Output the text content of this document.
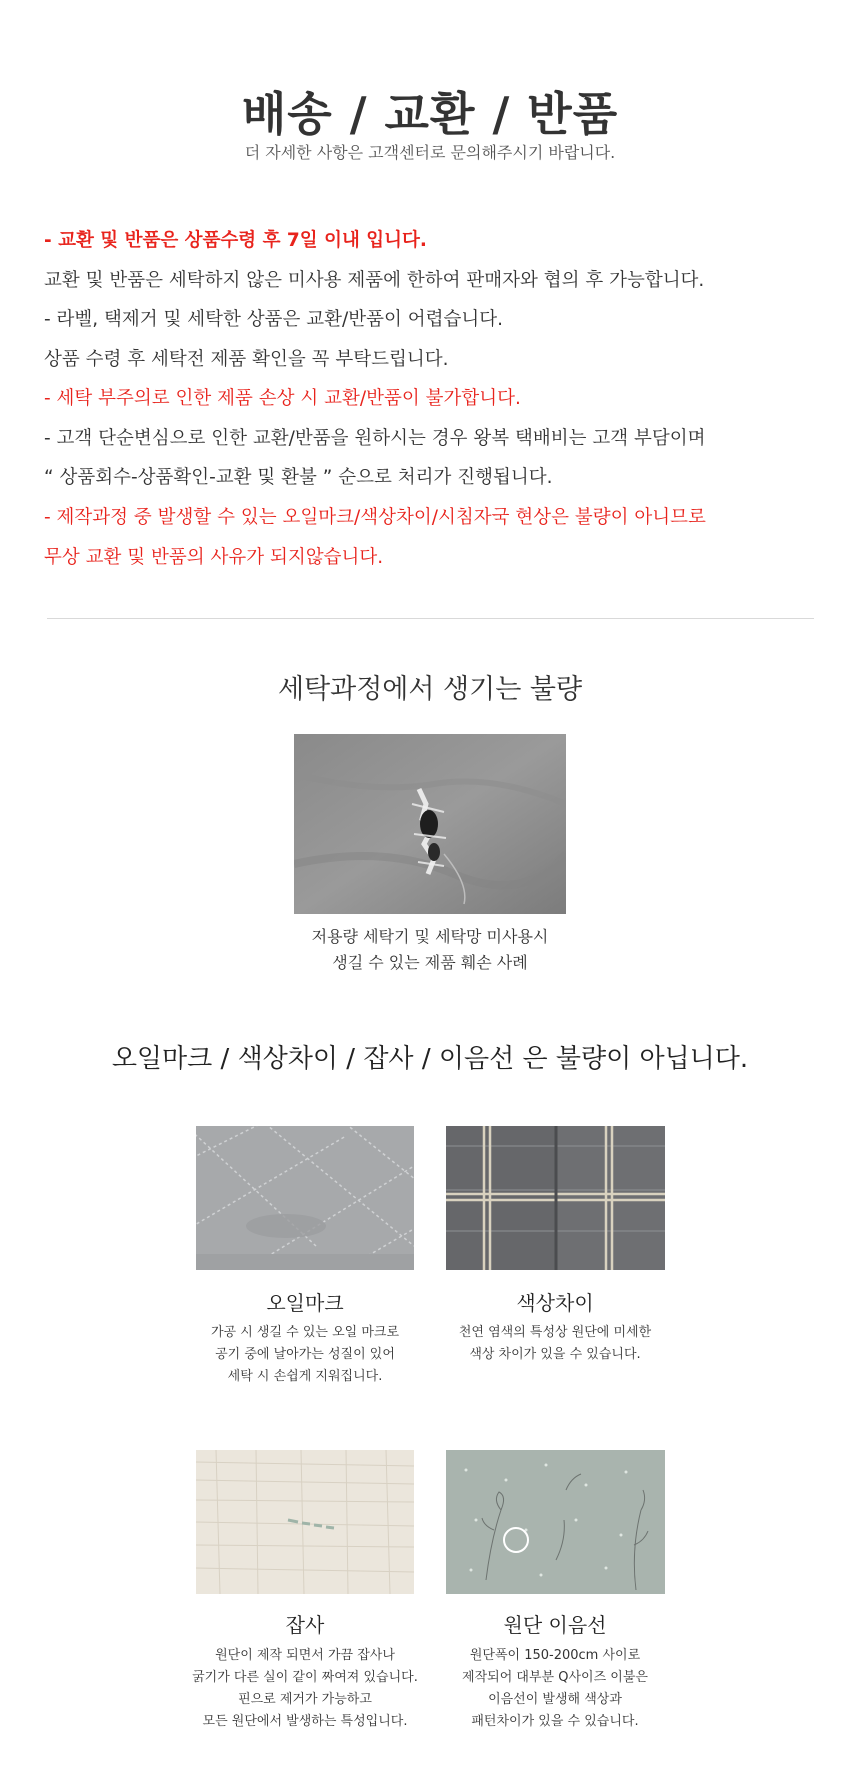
배송 / 교환 / 반품
더 자세한 사항은 고객센터로 문의해주시기 바랍니다.
- 교환 및 반품은 상품수령 후 7일 이내 입니다.
교환 및 반품은 세탁하지 않은 미사용 제품에 한하여 판매자와 협의 후 가능합니다.
- 라벨, 택제거 및 세탁한 상품은 교환/반품이 어렵습니다.
상품 수령 후 세탁전 제품 확인을 꼭 부탁드립니다.
- 세탁 부주의로 인한 제품 손상 시 교환/반품이 불가합니다.
- 고객 단순변심으로 인한 교환/반품을 원하시는 경우 왕복 택배비는 고객 부담이며
“ 상품회수-상품확인-교환 및 환불 ” 순으로 처리가 진행됩니다.
- 제작과정 중 발생할 수 있는 오일마크/색상차이/시침자국 현상은 불량이 아니므로
무상 교환 및 반품의 사유가 되지않습니다.
세탁과정에서 생기는 불량
저용량 세탁기 및 세탁망 미사용시
생길 수 있는 제품 훼손 사례
오일마크 / 색상차이 / 잡사 / 이음선 은 불량이 아닙니다.
오일마크
가공 시 생길 수 있는 오일 마크로
공기 중에 날아가는 성질이 있어
세탁 시 손쉽게 지워집니다.
색상차이
천연 염색의 특성상 원단에 미세한
색상 차이가 있을 수 있습니다.
잡사
원단이 제작 되면서 가끔 잡사나
굵기가 다른 실이 같이 짜여져 있습니다.
핀으로 제거가 가능하고
모든 원단에서 발생하는 특성입니다.
원단 이음선
원단폭이 150-200cm 사이로
제작되어 대부분 Q사이즈 이불은
이음선이 발생해 색상과
패턴차이가 있을 수 있습니다.
